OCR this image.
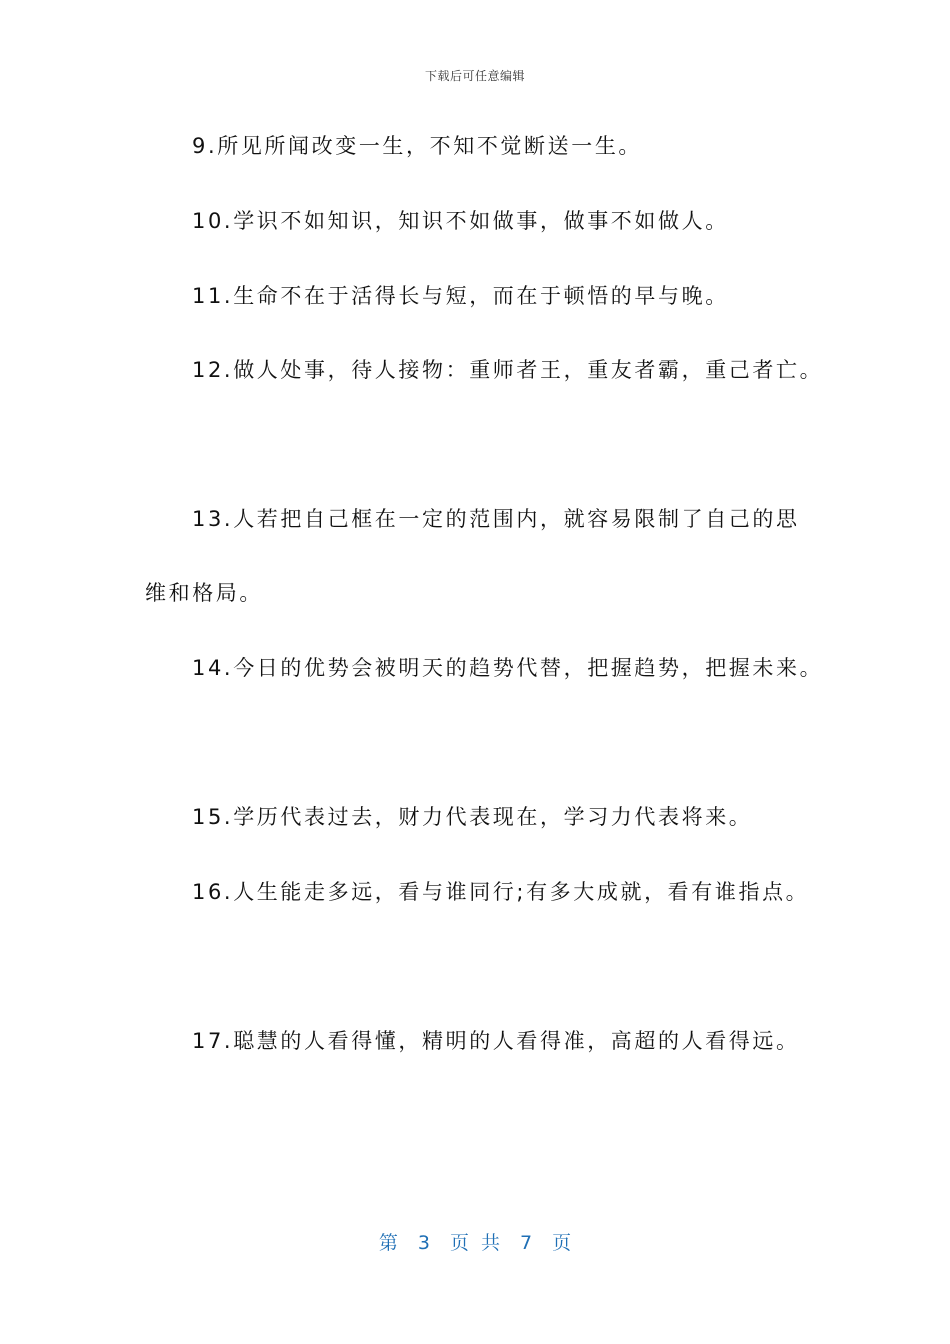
下载后可任意编辑
9.所见所闻改变一生，不知不觉断送一生。
10.学识不如知识，知识不如做事，做事不如做人。
11.生命不在于活得长与短，而在于顿悟的早与晚。
12.做人处事，待人接物：重师者王，重友者霸，重己者亡。
13.人若把自己框在一定的范围内，就容易限制了自己的思
维和格局。
14.今日的优势会被明天的趋势代替，把握趋势，把握未来。
15.学历代表过去，财力代表现在，学习力代表将来。
16.人生能走多远，看与谁同行;有多大成就，看有谁指点。
17.聪慧的人看得懂，精明的人看得准，高超的人看得远。
第 3 页 共 7 页
